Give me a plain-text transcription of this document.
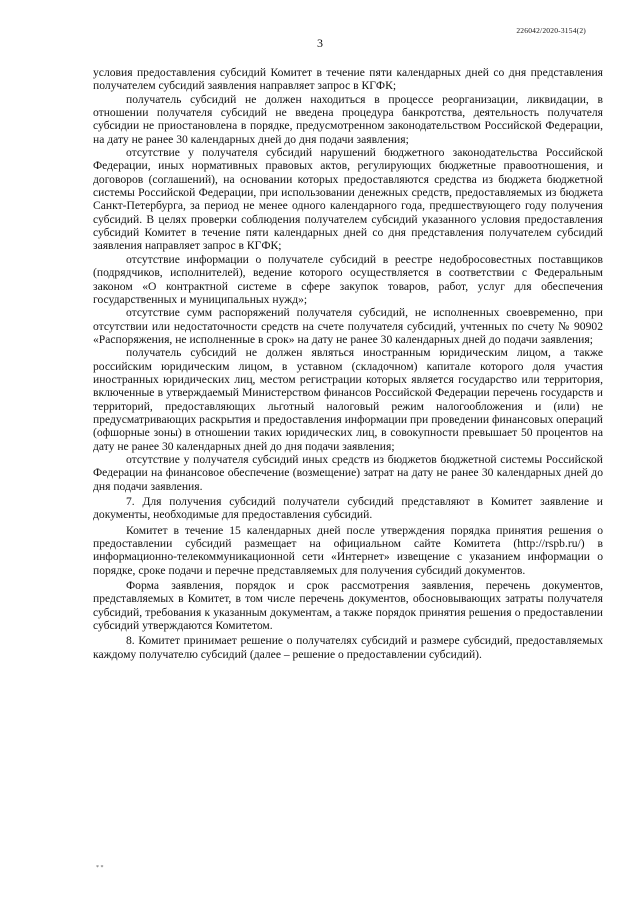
226042/2020-3154(2)
3

условия предоставления субсидий Комитет в течение пяти календарных дней со дня представления получателем субсидий заявления направляет запрос в КГФК;

получатель субсидий не должен находиться в процессе реорганизации, ликвидации, в отношении получателя субсидий не введена процедура банкротства, деятельность получателя субсидии не приостановлена в порядке, предусмотренном законодательством Российской Федерации, на дату не ранее 30 календарных дней до дня подачи заявления;

отсутствие у получателя субсидий нарушений бюджетного законодательства Российской Федерации, иных нормативных правовых актов, регулирующих бюджетные правоотношения, и договоров (соглашений), на основании которых предоставляются средства из бюджета бюджетной системы Российской Федерации, при использовании денежных средств, предоставляемых из бюджета Санкт-Петербурга, за период не менее одного календарного года, предшествующего году получения субсидий. В целях проверки соблюдения получателем субсидий указанного условия предоставления субсидий Комитет в течение пяти календарных дней со дня представления получателем субсидий заявления направляет запрос в КГФК;

отсутствие информации о получателе субсидий в реестре недобросовестных поставщиков (подрядчиков, исполнителей), ведение которого осуществляется в соответствии с Федеральным законом «О контрактной системе в сфере закупок товаров, работ, услуг для обеспечения государственных и муниципальных нужд»;

отсутствие сумм распоряжений получателя субсидий, не исполненных своевременно, при отсутствии или недостаточности средств на счете получателя субсидий, учтенных по счету № 90902 «Распоряжения, не исполненные в срок» на дату не ранее 30 календарных дней до подачи заявления;

получатель субсидий не должен являться иностранным юридическим лицом, а также российским юридическим лицом, в уставном (складочном) капитале которого доля участия иностранных юридических лиц, местом регистрации которых является государство или территория, включенные в утверждаемый Министерством финансов Российской Федерации перечень государств и территорий, предоставляющих льготный налоговый режим налогообложения и (или) не предусматривающих раскрытия и предоставления информации при проведении финансовых операций (офшорные зоны) в отношении таких юридических лиц, в совокупности превышает 50 процентов на дату не ранее 30 календарных дней до дня подачи заявления;

отсутствие у получателя субсидий иных средств из бюджетов бюджетной системы Российской Федерации на финансовое обеспечение (возмещение) затрат на дату не ранее 30 календарных дней до дня подачи заявления.

7. Для получения субсидий получатели субсидий представляют в Комитет заявление и документы, необходимые для предоставления субсидий.

Комитет в течение 15 календарных дней после утверждения порядка принятия решения о предоставлении субсидий размещает на официальном сайте Комитета (http://rspb.ru/) в информационно-телекоммуникационной сети «Интернет» извещение с указанием информации о порядке, сроке подачи и перечне представляемых для получения субсидий документов.

Форма заявления, порядок и срок рассмотрения заявления, перечень документов, представляемых в Комитет, в том числе перечень документов, обосновывающих затраты получателя субсидий, требования к указанным документам, а также порядок принятия решения о предоставлении субсидий утверждаются Комитетом.

8. Комитет принимает решение о получателях субсидий и размере субсидий, предоставляемых каждому получателю субсидий (далее – решение о предоставлении субсидий).

* *
